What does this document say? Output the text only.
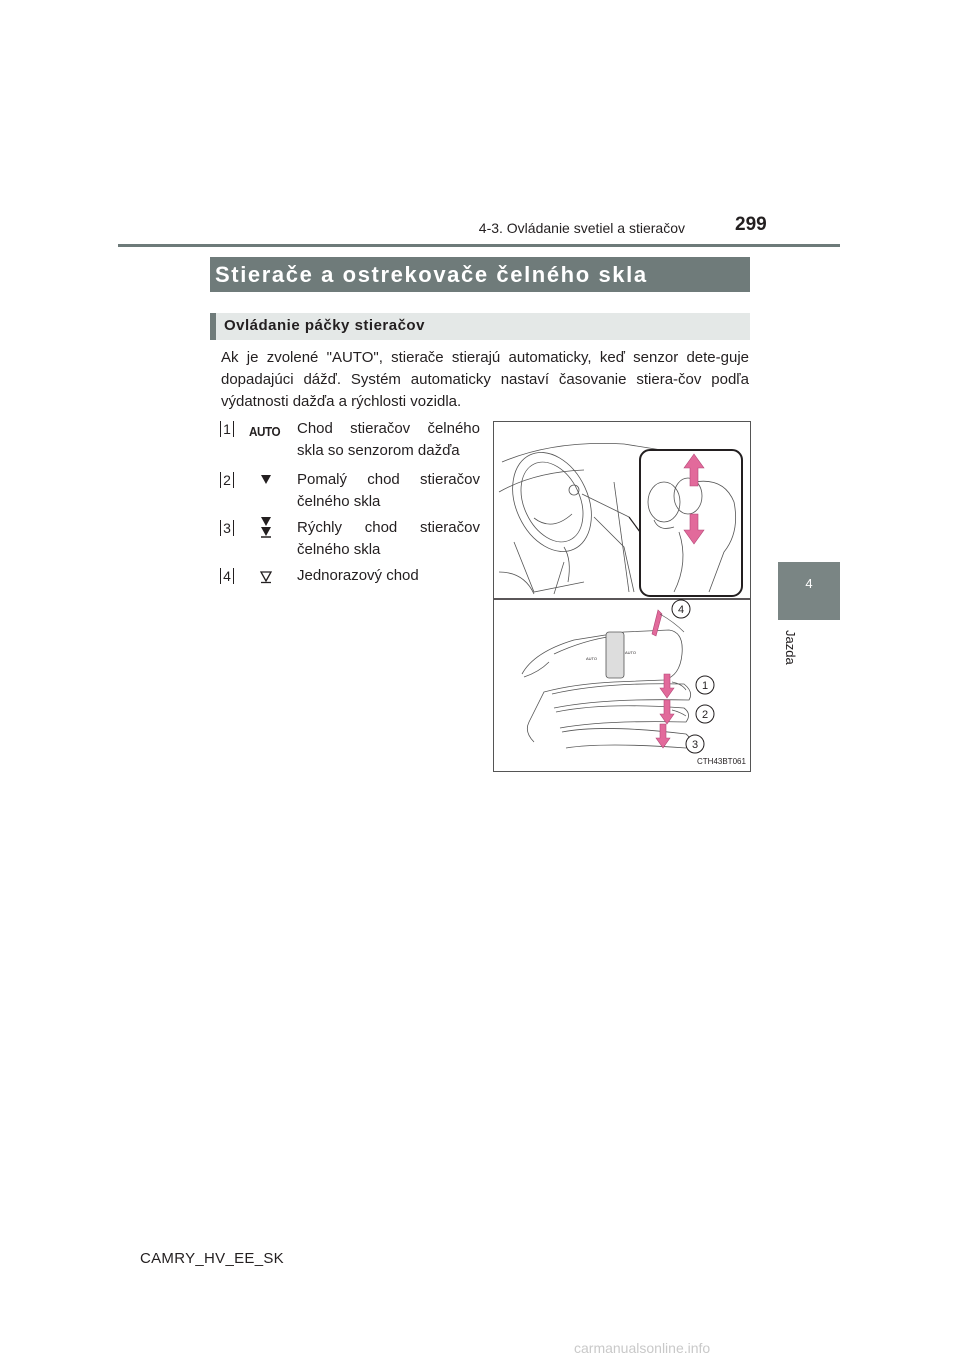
4-3. Ovládanie svetiel a stieračov	299
4
Jazda
Stierače a ostrekovače čelného skla
Ovládanie páčky stieračov
Ak je zvolené "AUTO", stierače stierajú automaticky, keď senzor dete-guje dopadajúci dážď. Systém automaticky nastaví časovanie stiera-čov podľa výdatnosti dažďa a rýchlosti vozidla.
1 AUTO Chod stieračov čelného
skla so senzorom dažďa
2	Pomalý chod stieračov
čelného skla
3	Rýchly chod stieračov
čelného skla
4	Jednorazový chod
AUTO
AUTO
4
1
2
3
CTH43BT061
CAMRY_HV_EE_SK
carmanualsonline.info
